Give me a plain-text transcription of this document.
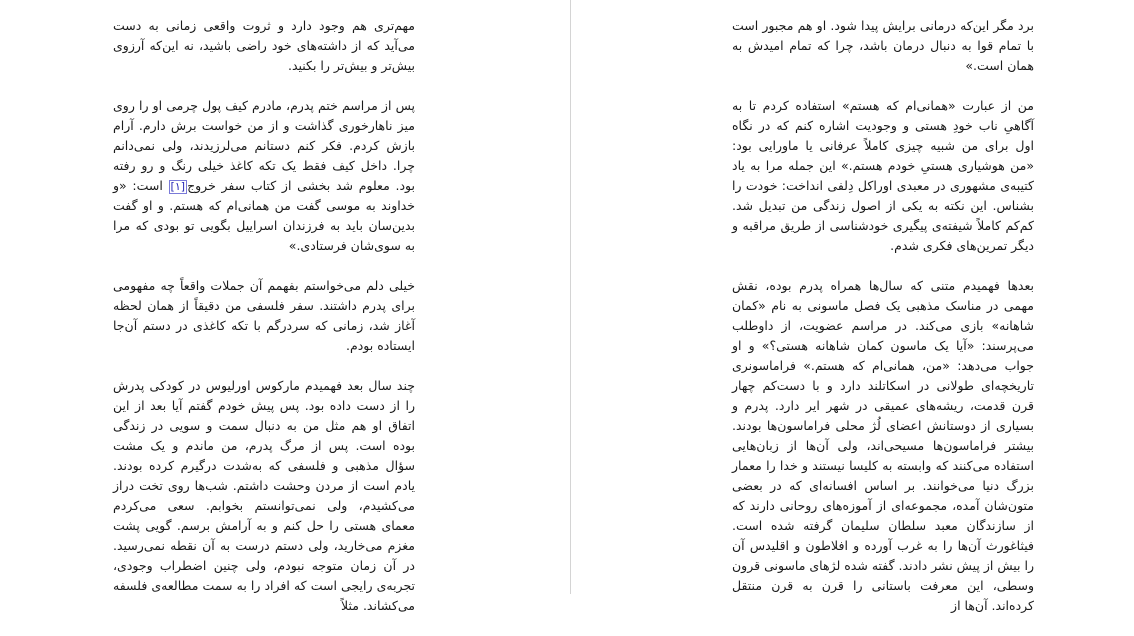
برد مگر این‌که درمانی برایش پیدا شود. او هم مجبور است با تمام قوا به دنبال درمان باشد، چرا که تمام امیدش به همان است.»

من از عبارت «همانی‌ام که هستم» استفاده کردم تا به آگاهیِ ناب خودِ هستی و وجودیت اشاره کنم که در نگاه اول برای من شبیه چیزی کاملاً عرفانی یا ماورایی بود: «من هوشیاری هستیِ خودم هستم.» این جمله مرا به یاد کتیبه‌ی مشهوری در معبدی اوراکل دِلفی انداخت: خودت را بشناس. این نکته به یکی از اصول زندگی من تبدیل شد. کم‌کم کاملاً شیفته‌ی پیگیری خودشناسی از طریق مراقبه و دیگر تمرین‌های فکری شدم.

بعدها فهمیدم متنی که سال‌ها همراه پدرم بوده، نقش مهمی در مناسک مذهبی یک فصل ماسونی به نام «کمان شاهانه» بازی می‌کند. در مراسم عضویت، از داوطلب می‌پرسند: «آیا یک ماسون کمان شاهانه هستی؟» و او جواب می‌دهد: «من، همانی‌ام که هستم.» فراماسونری تاریخچه‌ای طولانی در اسکاتلند دارد و با دست‌کم چهار قرن قدمت، ریشه‌های عمیقی در شهر ایر دارد. پدرم و بسیاری از دوستانش اعضای لُژ محلی فراماسون‌ها بودند. بیشتر فراماسون‌ها مسیحی‌اند، ولی آن‌ها از زبان‌هایی استفاده می‌کنند که وابسته به کلیسا نیستند و خدا را معمار بزرگ دنیا می‌خوانند. بر اساس افسانه‌ای که در بعضی متون‌شان آمده، مجموعه‌ای از آموزه‌های روحانی دارند که از سازندگان معبد سلطان سلیمان گرفته شده است. فیثاغورث آن‌ها را به غرب آورده و افلاطون و اقلیدس آن را بیش از پیش نشر دادند. گفته شده لژهای ماسونی قرون وسطی، این معرفت باستانی را قرن به قرن منتقل کرده‌اند. آن‌ها از

مهم‌تری هم وجود دارد و ثروت واقعی زمانی به دست می‌آید که از داشته‌های خود راضی باشید، نه این‌که آرزوی بیش‌تر و بیش‌تر را بکنید.

پس از مراسم ختم پدرم، مادرم کیف پول چرمی او را روی میز ناهارخوری گذاشت و از من خواست برش دارم. آرام بازش کردم. فکر کنم دستانم می‌لرزیدند، ولی نمی‌دانم چرا. داخل کیف فقط یک تکه کاغذ خیلی رنگ و رو رفته بود. معلوم شد بخشی از کتاب سفر خروج[۱] است: «و خداوند به موسی گفت من همانی‌ام که هستم. و او گفت بدین‌سان باید به فرزندان اسراییل بگویی تو بودی که مرا به سوی‌شان فرستادی.»

خیلی دلم می‌خواستم بفهمم آن جملات واقعاً چه مفهومی برای پدرم داشتند. سفر فلسفی من دقیقاً از همان لحظه آغاز شد، زمانی که سردرگم با تکه کاغذی در دستم آن‌جا ایستاده بودم.

چند سال بعد فهمیدم مارکوس اورلیوس در کودکی پدرش را از دست داده بود. پس پیش خودم گفتم آیا بعد از این اتفاق او هم مثل من به دنبال سمت و سویی در زندگی بوده است. پس از مرگ پدرم، من ماندم و یک مشت سؤال مذهبی و فلسفی که به‌شدت درگیرم کرده بودند. یادم است از مردن وحشت داشتم. شب‌ها روی تخت دراز می‌کشیدم، ولی نمی‌توانستم بخوابم. سعی می‌کردم معمای هستی را حل کنم و به آرامش برسم. گویی پشت مغزم می‌خارید، ولی دستم درست به آن نقطه نمی‌رسید. در آن زمان متوجه نبودم، ولی چنین اضطراب وجودی، تجربه‌ی رایجی است که افراد را به سمت مطالعه‌ی فلسفه می‌کشاند. مثلاً
